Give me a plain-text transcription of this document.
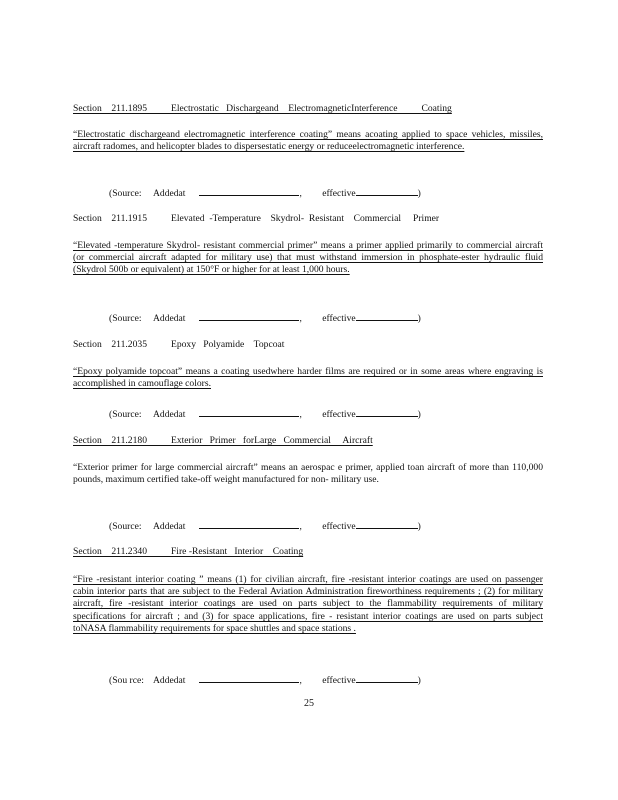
Section    211.1895          Electrostatic   Dischargeand    ElectromagneticInterference          Coating

“Electrostatic dischargeand electromagnetic interference coating” means acoating applied to space vehicles, missiles, aircraft radomes, and helicopter blades to dispersestatic energy or reduceelectromagnetic interference.

(Source:     Addedat	, effective	)
Section    211.1915          Elevated  -Temperature    Skydrol-  Resistant    Commercial     Primer

“Elevated -temperature Skydrol- resistant commercial primer” means a primer applied primarily to commercial aircraft (or commercial aircraft adapted for military use) that must withstand immersion in phosphate-ester hydraulic fluid (Skydrol 500b or equivalent) at 150°F or higher for at least 1,000 hours.

(Source:     Addedat	, effective	)
Section    211.2035          Epoxy   Polyamide    Topcoat

“Epoxy polyamide topcoat” means a coating usedwhere harder films are required or in some areas where engraving is accomplished in camouflage colors.

(Source:     Addedat	, effective	)
Section    211.2180          Exterior   Primer   forLarge   Commercial     Aircraft

“Exterior primer for large commercial aircraft” means an aerospac e primer, applied toan aircraft of more than 110,000 pounds, maximum certified take-off weight manufactured for non- military use.

(Source:     Addedat	, effective	)
Section    211.2340          Fire -Resistant   Interior    Coating

“Fire -resistant interior coating ” means (1) for civilian aircraft, fire -resistant interior coatings are used on passenger cabin interior parts that are subject to the Federal Aviation Administration fireworthiness requirements ; (2) for military aircraft, fire -resistant interior coatings are used on parts subject to the flammability requirements of military specifications for aircraft ; and (3) for space applications, fire - resistant interior coatings are used on parts subject toNASA flammability requirements for space shuttles and space stations .

(Sou rce:    Addedat	, effective	)
25
